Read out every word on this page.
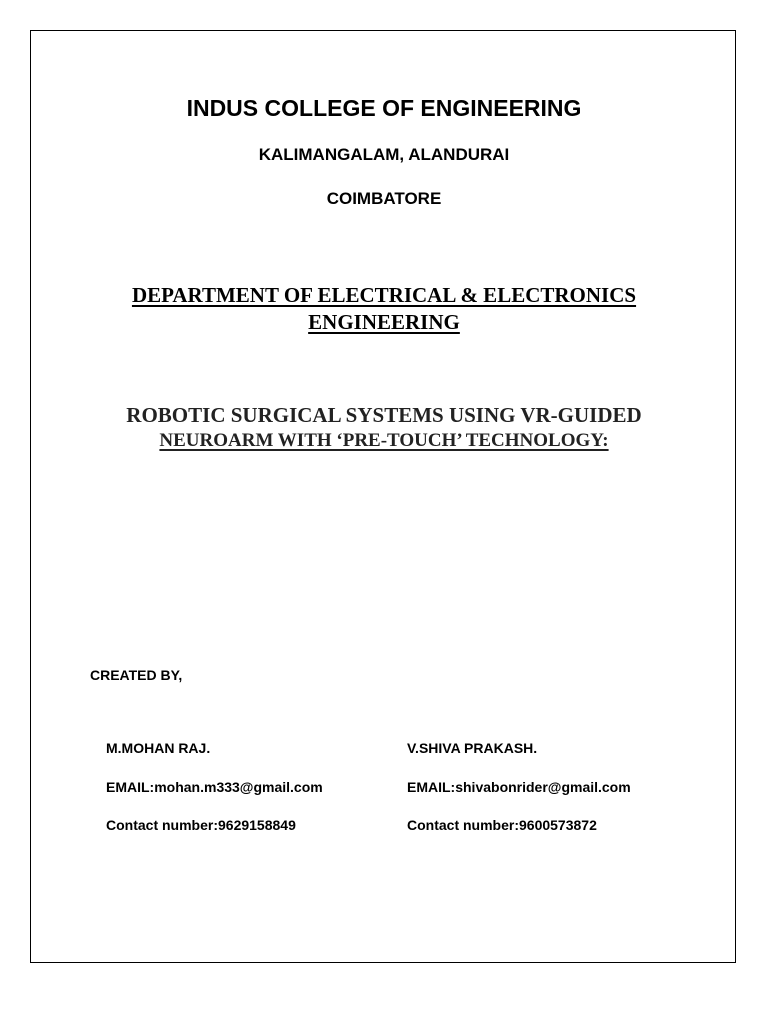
INDUS COLLEGE OF ENGINEERING
KALIMANGALAM, ALANDURAI
COIMBATORE
DEPARTMENT OF ELECTRICAL & ELECTRONICS
ENGINEERING
ROBOTIC SURGICAL SYSTEMS USING VR-GUIDED
NEUROARM WITH ‘PRE-TOUCH’ TECHNOLOGY:
CREATED BY,
M.MOHAN RAJ.
EMAIL:mohan.m333@gmail.com
Contact number:9629158849
V.SHIVA PRAKASH.
EMAIL:shivabonrider@gmail.com
Contact number:9600573872
